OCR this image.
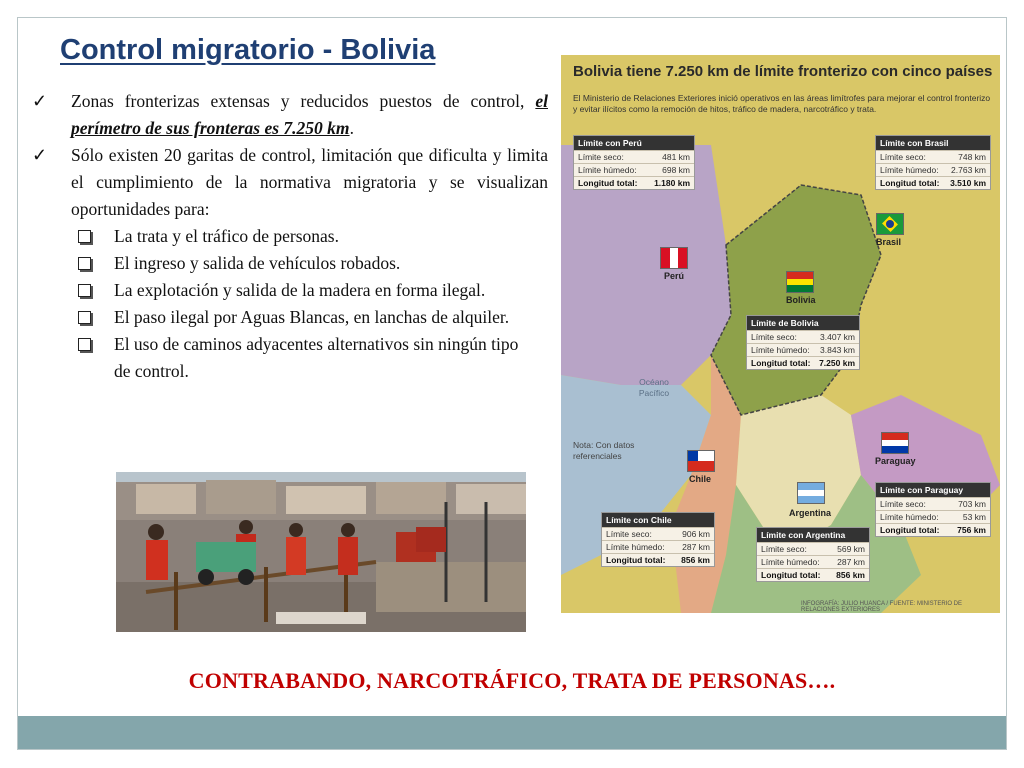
Control migratorio - Bolivia
✓ Zonas fronterizas extensas y reducidos puestos de control, el perímetro de sus fronteras es 7.250 km.
✓ Sólo existen 20 garitas de control, limitación que dificulta y limita el cumplimiento de la normativa migratoria y se visualizan oportunidades para:
La trata y el tráfico de personas.
El ingreso y salida de vehículos robados.
La explotación y salida de la madera en forma ilegal.
El paso ilegal por Aguas Blancas, en lanchas de alquiler.
El uso de caminos adyacentes alternativos sin ningún tipo de control.
Bolivia tiene 7.250 km de límite fronterizo con cinco países
El Ministerio de Relaciones Exteriores inició operativos en las áreas limítrofes para mejorar el control fronterizo y evitar ilícitos como la remoción de hitos, tráfico de madera, narcotráfico y trata.
Límite con Perú
Límite seco:	481 km
Límite húmedo:	698 km
Longitud total: 1.180 km
Límite con Brasil
Límite seco:	748 km
Límite húmedo: 2.763 km
Longitud total: 3.510 km
Límite de Bolivia
Límite seco:	3.407 km
Límite húmedo: 3.843 km
Longitud total: 7.250 km
Límite con Paraguay
Límite seco:	703 km
Límite húmedo:	53 km
Longitud total: 756 km
Límite con Chile
Límite seco:	906 km
Límite húmedo: 287 km
Longitud total: 856 km
Límite con Argentina
Límite seco:	569 km
Límite húmedo: 287 km
Longitud total: 856 km
Perú
Brasil
Bolivia
Chile
Argentina
Paraguay
Océano Pacífico
Nota: Con datos referenciales
INFOGRAFÍA: JULIO HUANCA / FUENTE: MINISTERIO DE RELACIONES EXTERIORES
CONTRABANDO, NARCOTRÁFICO, TRATA DE PERSONAS….
